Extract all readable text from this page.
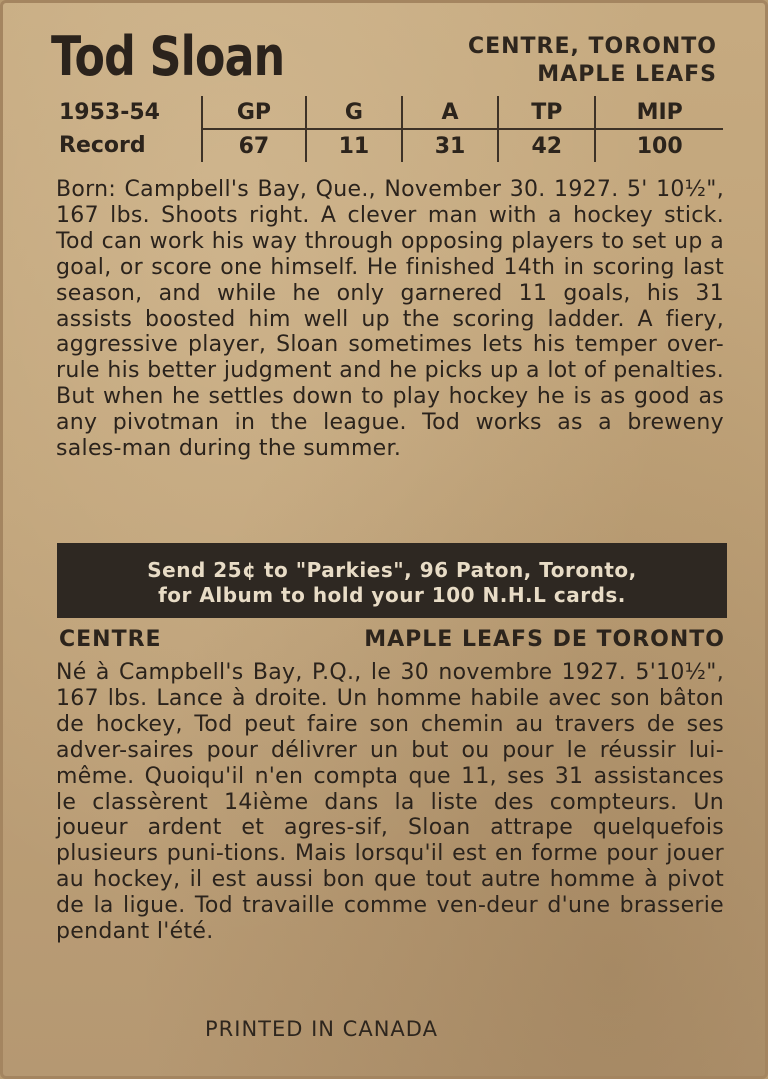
Tod Sloan	CENTRE, TORONTO
MAPLE LEAFS
1953-54	GP	G	A	TP	MIP
Record	67	11	31	42	100
Born: Campbell's Bay, Que., November 30. 1927. 5' 10½", 167 lbs. Shoots right. A clever man with a hockey stick. Tod can work his way through opposing players to set up a goal, or score one himself. He finished 14th in scoring last season, and while he only garnered 11 goals, his 31 assists boosted him well up the scoring ladder. A fiery, aggressive player, Sloan sometimes lets his temper over-rule his better judgment and he picks up a lot of penalties. But when he settles down to play hockey he is as good as any pivotman in the league. Tod works as a breweny sales-man during the summer.
Send 25¢ to "Parkies", 96 Paton, Toronto,
for Album to hold your 100 N.H.L cards.
CENTRE	MAPLE LEAFS DE TORONTO
Né à Campbell's Bay, P.Q., le 30 novembre 1927. 5'10½", 167 lbs. Lance à droite. Un homme habile avec son bâton de hockey, Tod peut faire son chemin au travers de ses adver-saires pour délivrer un but ou pour le réussir lui-même. Quoiqu'il n'en compta que 11, ses 31 assistances le classèrent 14ième dans la liste des compteurs. Un joueur ardent et agres-sif, Sloan attrape quelquefois plusieurs puni-tions. Mais lorsqu'il est en forme pour jouer au hockey, il est aussi bon que tout autre homme à pivot de la ligue. Tod travaille comme ven-deur d'une brasserie pendant l'été.
PRINTED IN CANADA
